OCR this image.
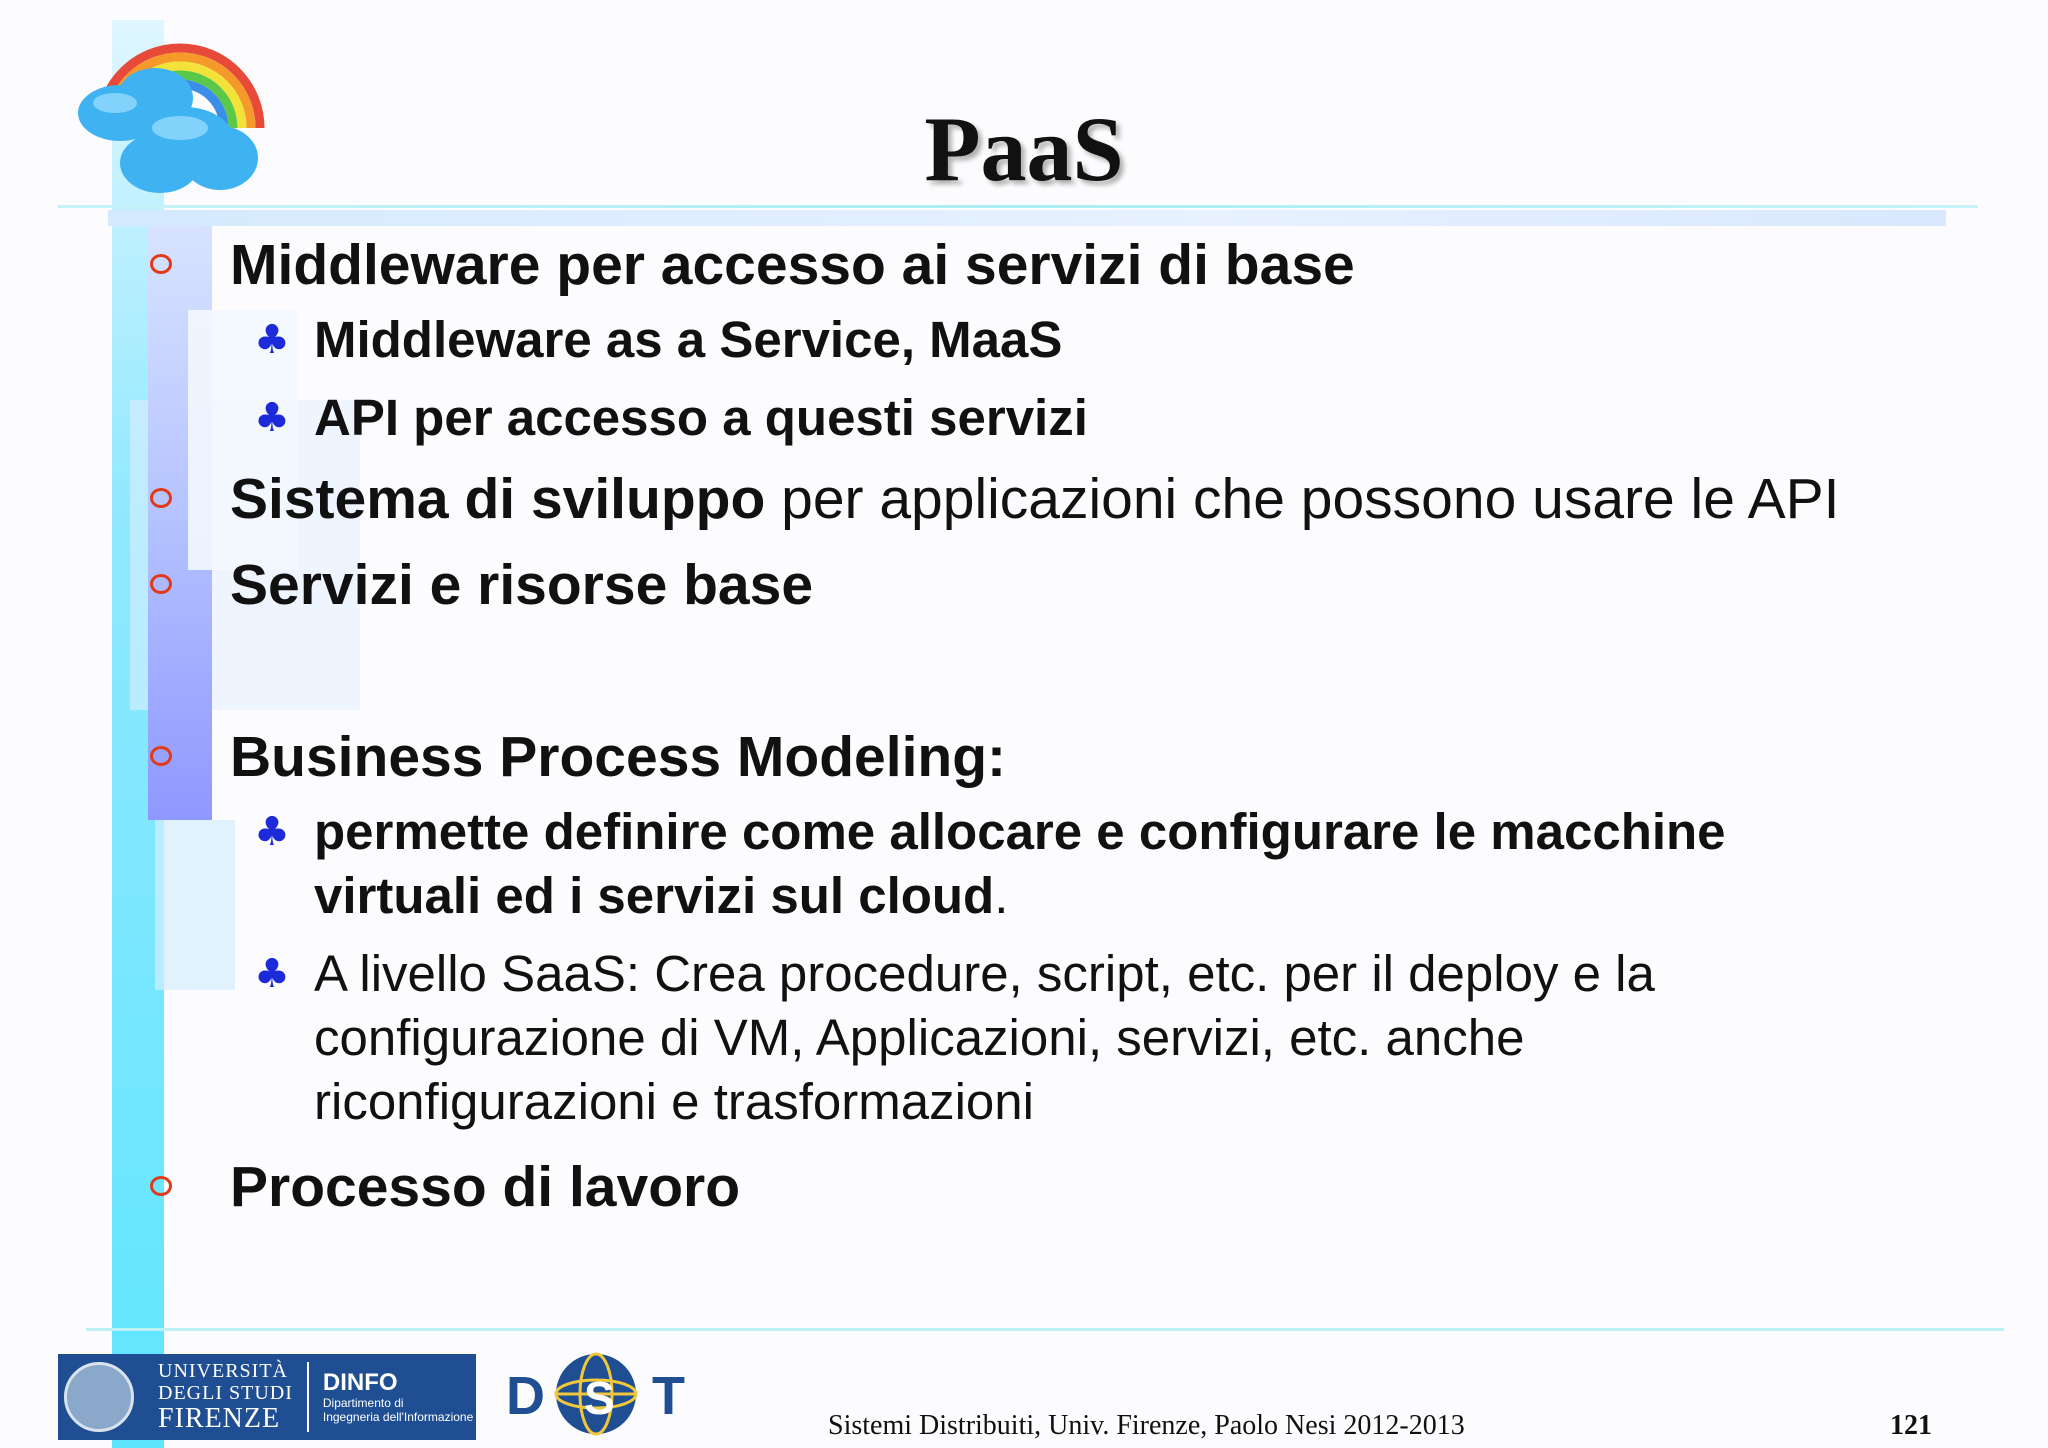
PaaS
Middleware per accesso ai servizi di base
♣ Middleware as a Service, MaaS
♣ API per accesso a questi servizi
Sistema di sviluppo per applicazioni che possono usare le API
Servizi e risorse base
Business Process Modeling:
♣ permette definire come allocare e configurare le macchine virtuali ed i servizi sul cloud.
♣ A livello SaaS: Crea procedure, script, etc. per il deploy e la configurazione di VM, Applicazioni, servizi, etc. anche riconfigurazioni e trasformazioni
Processo di lavoro
UNIVERSITÀ
DEGLI STUDI
FIRENZE
DINFO
Dipartimento di
Ingegneria dell'Informazione D S T	Sistemi Distribuiti, Univ. Firenze, Paolo Nesi 2012-2013	121
